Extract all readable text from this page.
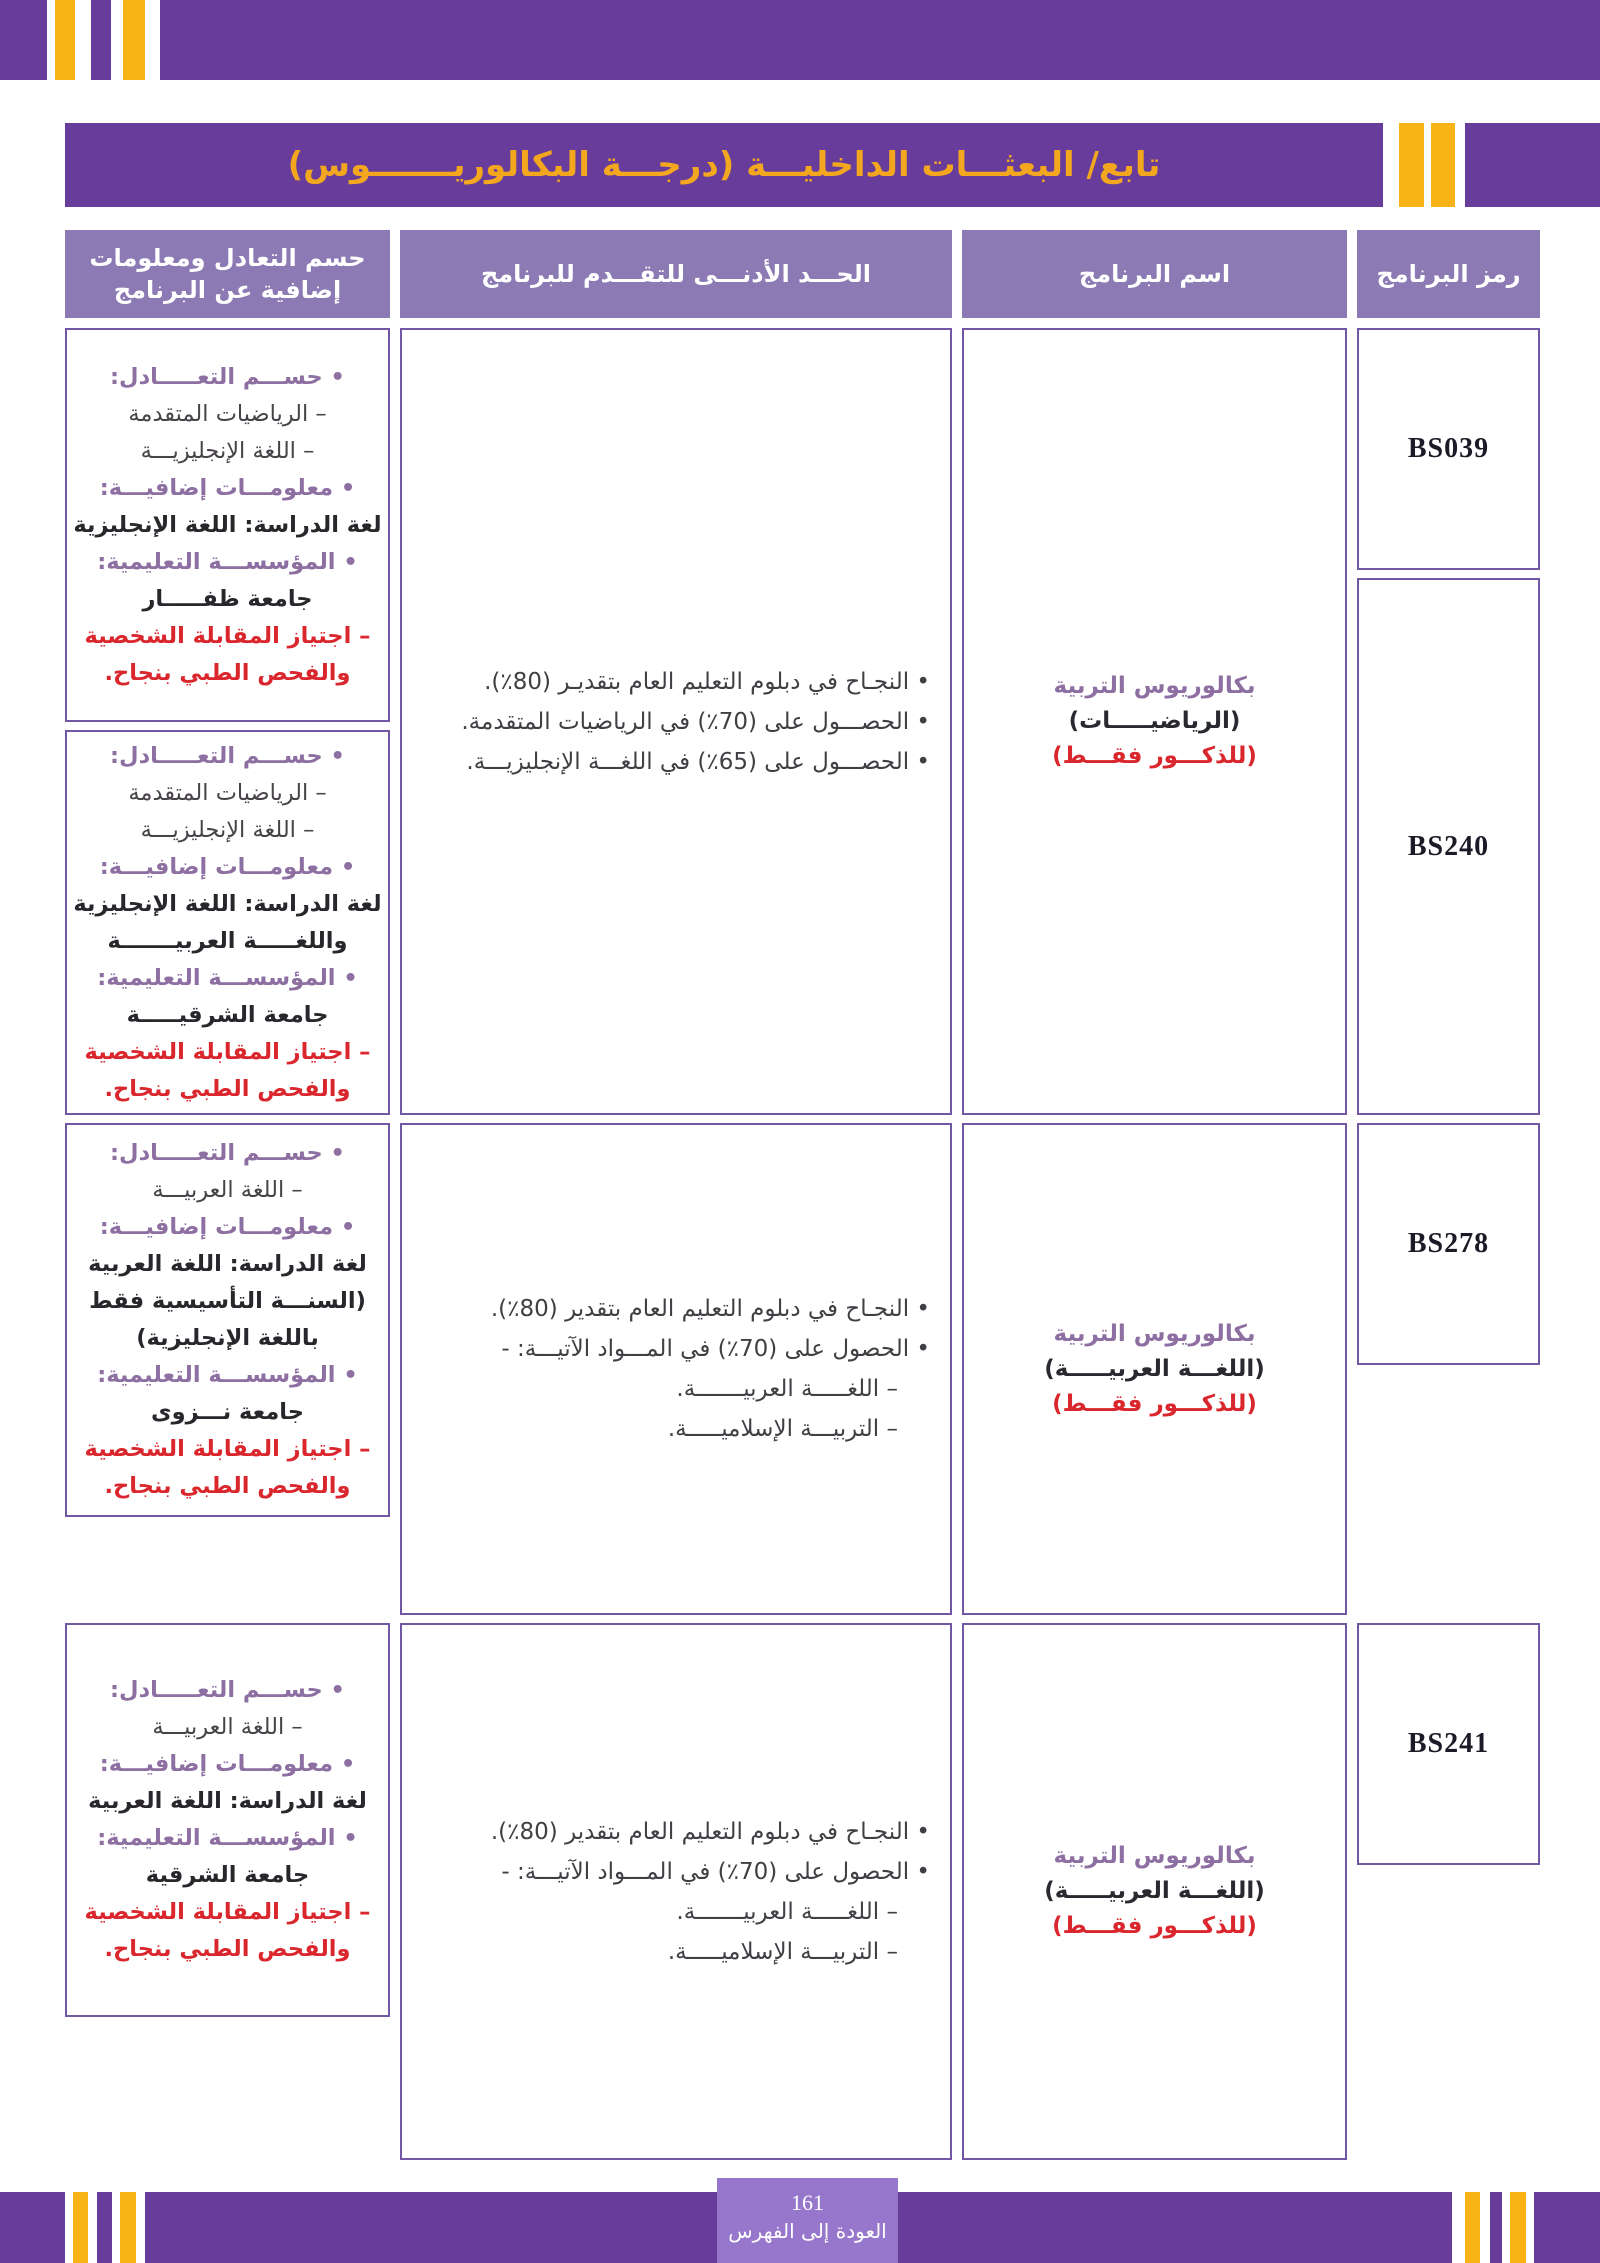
تابع/ البعثـــات الداخليـــة (درجـــة البكالوريـــــــوس)
رمز البرنامج
اسم البرنامج
الحـــد الأدنـــى للتقـــدم للبرنامج
حسم التعادل ومعلومات إضافية عن البرنامج
BS039
BS240
بكالوريوس التربية
(الرياضيـــــات)
(للذكـــور فقـــط)
• النجـاح في دبلوم التعليم العام بتقديـر (80٪).
• الحصـــول على (70٪) في الرياضيات المتقدمة.
• الحصـــول على (65٪) في اللغـــة الإنجليزيـــة.
• حســـم التعـــــادل:
– الرياضيات المتقدمة
– اللغة الإنجليزيـــة
• معلومـــات إضافيـــة:
لغة الدراسة: اللغة الإنجليزية
• المؤسســـة التعليمية:
جامعة ظفـــــار
– اجتياز المقابلة الشخصية
والفحص الطبي بنجاح.
• حســـم التعـــــادل:
– الرياضيات المتقدمة
– اللغة الإنجليزيـــة
• معلومـــات إضافيـــة:
لغة الدراسة: اللغة الإنجليزية
واللغـــــة العربيـــــــة
• المؤسســـة التعليمية:
جامعة الشرقيـــــة
– اجتياز المقابلة الشخصية
والفحص الطبي بنجاح.
BS278
بكالوريوس التربية
(اللغـــة العربيـــــة)
(للذكـــور فقـــط)
• النجـاح في دبلوم التعليم العام بتقدير (80٪).
• الحصول على (70٪) في المـــواد الآتيـــة: -
– اللغـــــة العربيـــــــة.
– التربيـــة الإسلاميـــــة.
• حســـم التعـــــادل:
– اللغة العربيـــة
• معلومـــات إضافيـــة:
لغة الدراسة: اللغة العربية
(السنـــة التأسيسية فقط
باللغة الإنجليزية)
• المؤسســـة التعليمية:
جامعة نـــزوى
– اجتياز المقابلة الشخصية
والفحص الطبي بنجاح.
BS241
بكالوريوس التربية
(اللغـــة العربيـــــة)
(للذكـــور فقـــط)
• النجـاح في دبلوم التعليم العام بتقدير (80٪).
• الحصول على (70٪) في المـــواد الآتيـــة: -
– اللغـــــة العربيـــــــة.
– التربيـــة الإسلاميـــــة.
• حســـم التعـــــادل:
– اللغة العربيـــة
• معلومـــات إضافيـــة:
لغة الدراسة: اللغة العربية
• المؤسســـة التعليمية:
جامعة الشرقية
– اجتياز المقابلة الشخصية
والفحص الطبي بنجاح.
161
العودة إلى الفهرس
